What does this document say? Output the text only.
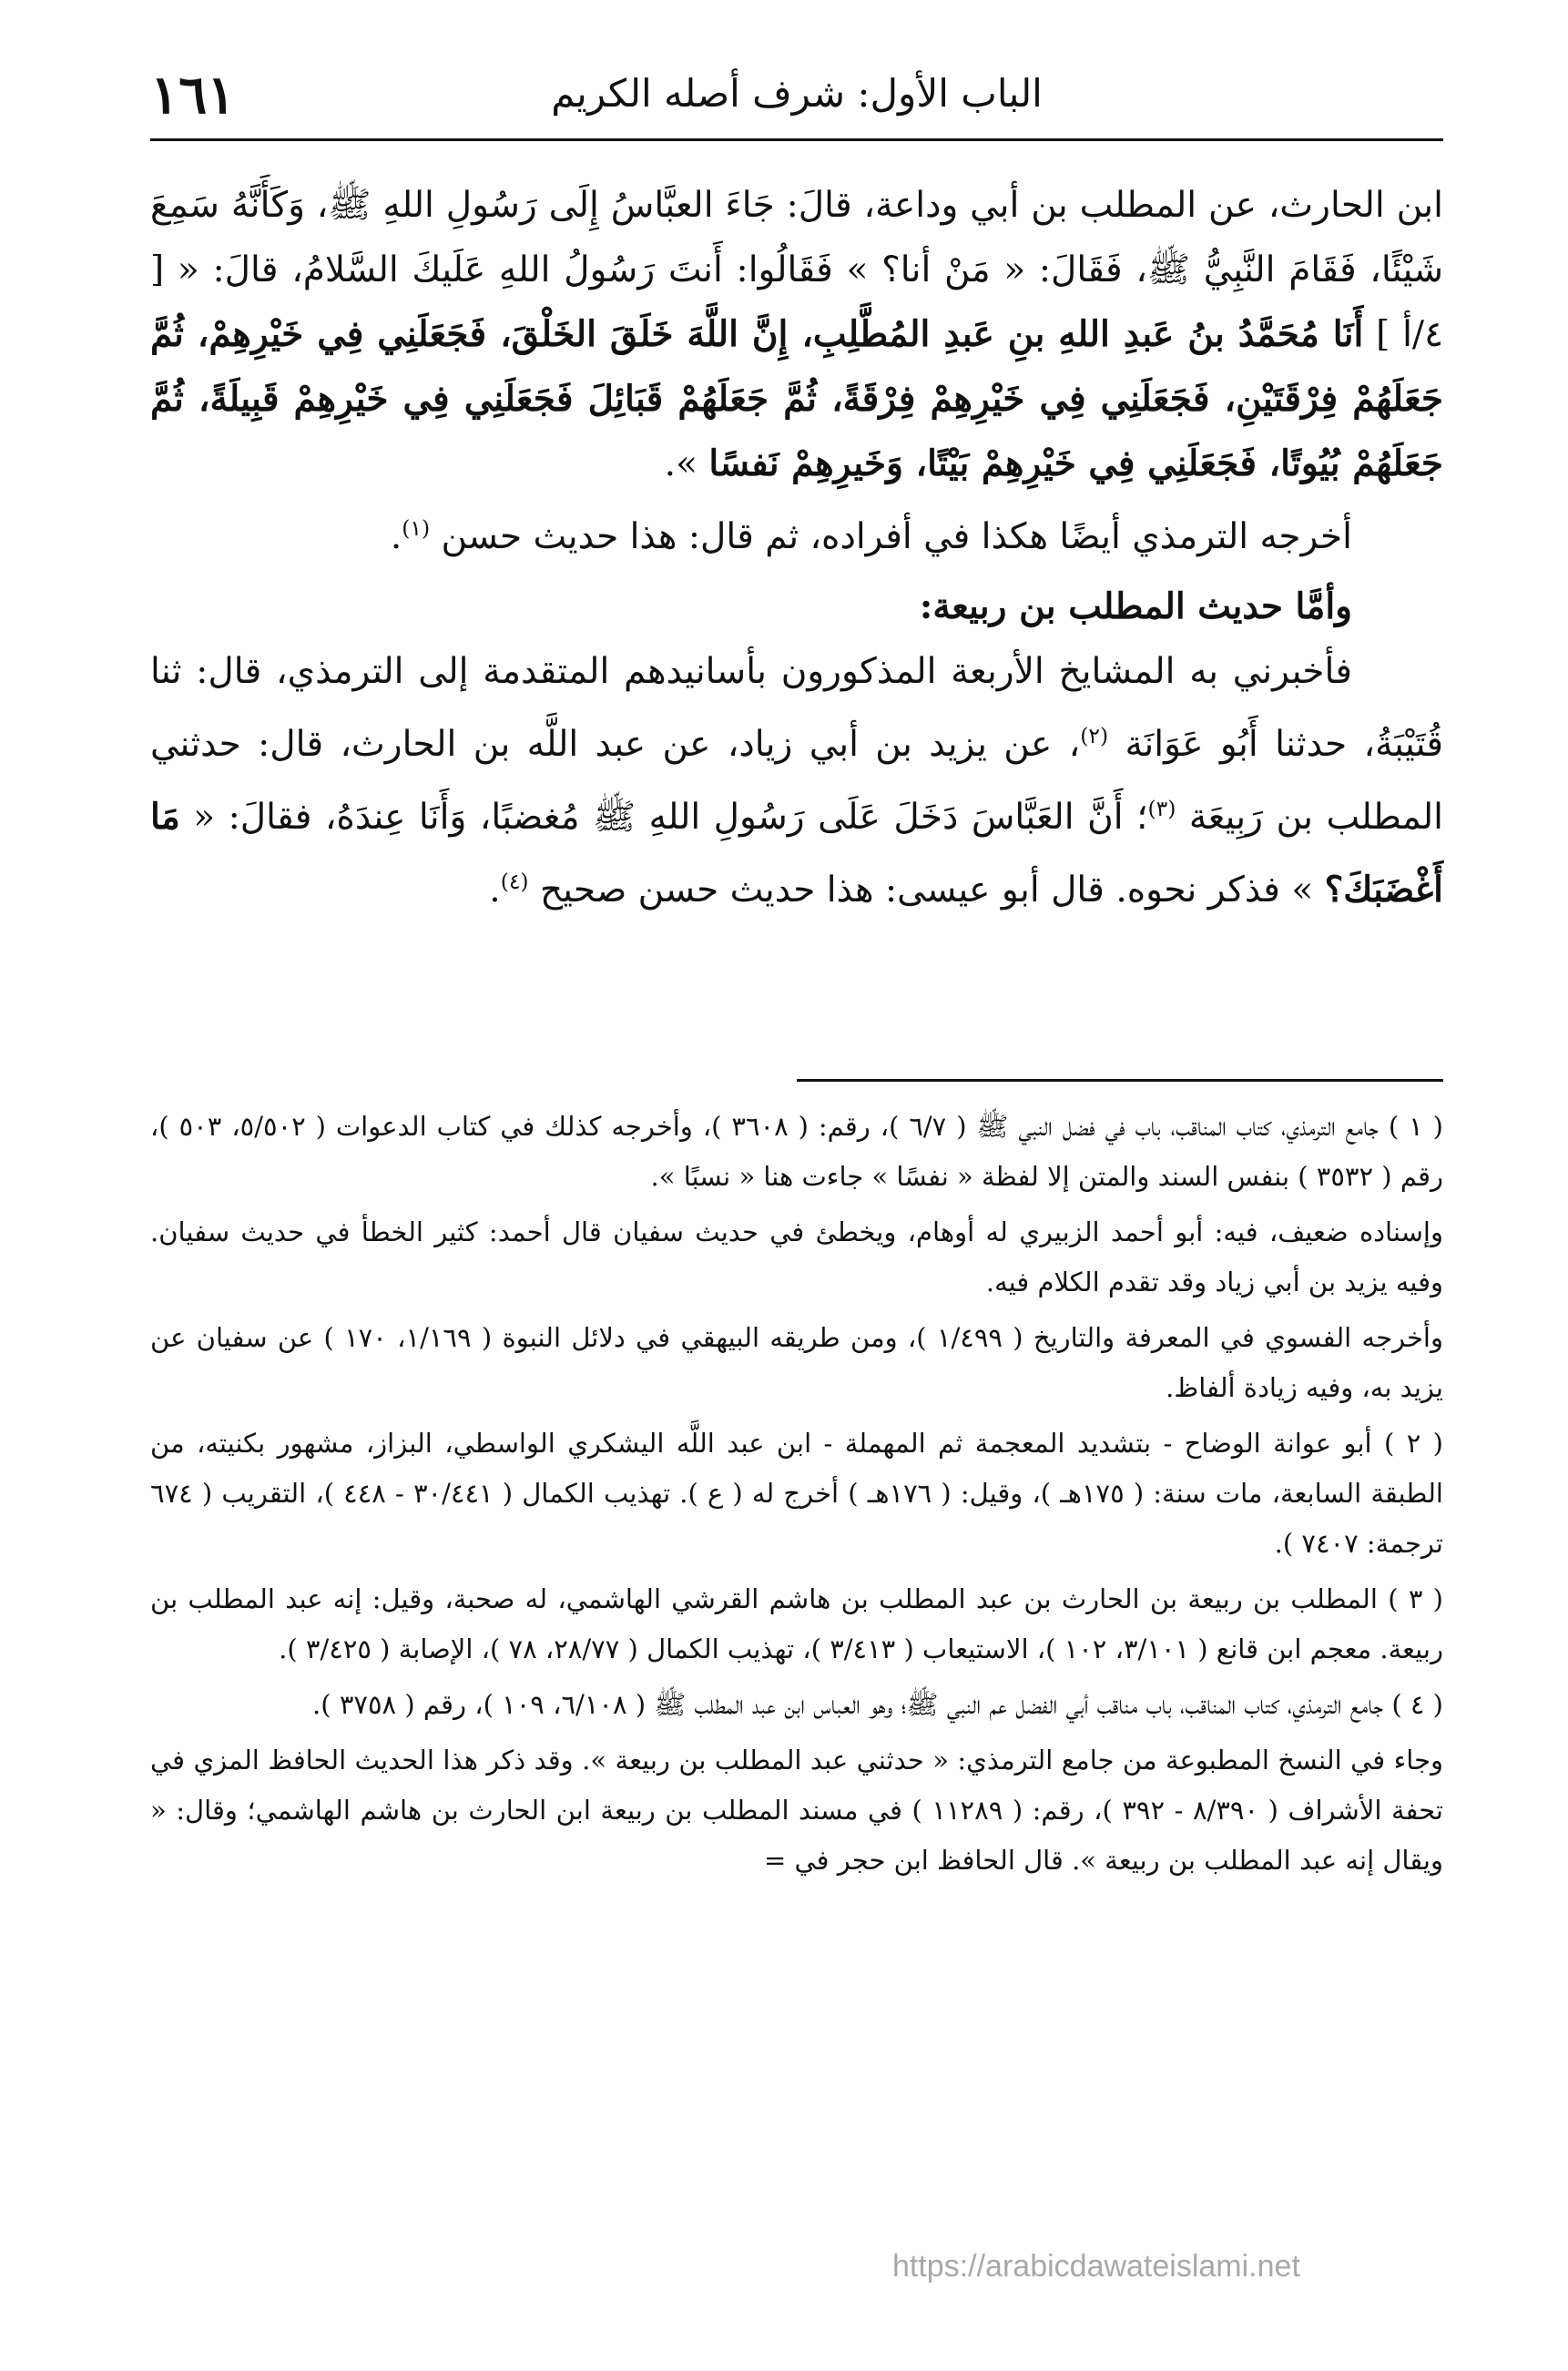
١٦١	الباب الأول: شرف أصله الكريم

ابن الحارث، عن المطلب بن أبي وداعة، قالَ: جَاءَ العبَّاسُ إِلَى رَسُولِ اللهِ ﷺ، وَكَأَنَّهُ سَمِعَ شَيْئًا، فَقَامَ النَّبِيُّ ﷺ، فَقَالَ: « مَنْ أنا؟ » فَقَالُوا: أَنتَ رَسُولُ اللهِ عَلَيكَ السَّلامُ، قالَ: « [ ٤/أ ] أَنَا مُحَمَّدُ بنُ عَبدِ اللهِ بنِ عَبدِ المُطَّلِبِ، إِنَّ اللَّهَ خَلَقَ الخَلْقَ، فَجَعَلَنِي فِي خَيْرِهِمْ، ثُمَّ جَعَلَهُمْ فِرْقَتَيْنِ، فَجَعَلَنِي فِي خَيْرِهِمْ فِرْقَةً، ثُمَّ جَعَلَهُمْ قَبَائِلَ فَجَعَلَنِي فِي خَيْرِهِمْ قَبِيلَةً، ثُمَّ جَعَلَهُمْ بُيُوتًا، فَجَعَلَنِي فِي خَيْرِهِمْ بَيْتًا، وَخَيرِهِمْ نَفسًا ».

أخرجه الترمذي أيضًا هكذا في أفراده، ثم قال: هذا حديث حسن $^{(١)}$.

وأمَّا حديث المطلب بن ربيعة:

فأخبرني به المشايخ الأربعة المذكورون بأسانيدهم المتقدمة إلى الترمذي، قال: ثنا قُتَيْبَةُ، حدثنا أَبُو عَوَانَة $^{(٢)}$، عن يزيد بن أبي زياد، عن عبد اللَّه بن الحارث، قال: حدثني المطلب بن رَبِيعَة $^{(٣)}$؛ أَنَّ العَبَّاسَ دَخَلَ عَلَى رَسُولِ اللهِ ﷺ مُغضبًا، وَأَنَا عِندَهُ، فقالَ: « مَا أَغْضَبَكَ؟ » فذكر نحوه. قال أبو عيسى: هذا حديث حسن صحيح $^{(٤)}$.

( ١ ) جامع الترمذي، كتاب المناقب، باب في فضل النبي ﷺ ( ٦/٧ )، رقم: ( ٣٦٠٨ )، وأخرجه كذلك في كتاب الدعوات ( ٥/٥٠٢، ٥٠٣ )، رقم ( ٣٥٣٢ ) بنفس السند والمتن إلا لفظة « نفسًا » جاءت هنا « نسبًا ».

وإسناده ضعيف، فيه: أبو أحمد الزبيري له أوهام، ويخطئ في حديث سفيان قال أحمد: كثير الخطأ في حديث سفيان. وفيه يزيد بن أبي زياد وقد تقدم الكلام فيه.

وأخرجه الفسوي في المعرفة والتاريخ ( ١/٤٩٩ )، ومن طريقه البيهقي في دلائل النبوة ( ١/١٦٩، ١٧٠ ) عن سفيان عن يزيد به، وفيه زيادة ألفاظ.

( ٢ ) أبو عوانة الوضاح - بتشديد المعجمة ثم المهملة - ابن عبد اللَّه اليشكري الواسطي، البزاز، مشهور بكنيته، من الطبقة السابعة، مات سنة: ( ١٧٥هـ )، وقيل: ( ١٧٦هـ ) أخرج له ( ع ). تهذيب الكمال ( ٣٠/٤٤١ - ٤٤٨ )، التقريب ( ٦٧٤ ترجمة: ٧٤٠٧ ).

( ٣ ) المطلب بن ربيعة بن الحارث بن عبد المطلب بن هاشم القرشي الهاشمي، له صحبة، وقيل: إنه عبد المطلب بن ربيعة. معجم ابن قانع ( ٣/١٠١، ١٠٢ )، الاستيعاب ( ٣/٤١٣ )، تهذيب الكمال ( ٢٨/٧٧، ٧٨ )، الإصابة ( ٣/٤٢٥ ).

( ٤ ) جامع الترمذي، كتاب المناقب، باب مناقب أبي الفضل عم النبي ﷺ؛ وهو العباس ابن عبد المطلب ﷺ ( ٦/١٠٨، ١٠٩ )، رقم ( ٣٧٥٨ ).

وجاء في النسخ المطبوعة من جامع الترمذي: « حدثني عبد المطلب بن ربيعة ». وقد ذكر هذا الحديث الحافظ المزي في تحفة الأشراف ( ٨/٣٩٠ - ٣٩٢ )، رقم: ( ١١٢٨٩ ) في مسند المطلب بن ربيعة ابن الحارث بن هاشم الهاشمي؛ وقال: « ويقال إنه عبد المطلب بن ربيعة ». قال الحافظ ابن حجر في =

https://arabicdawateislami.net
